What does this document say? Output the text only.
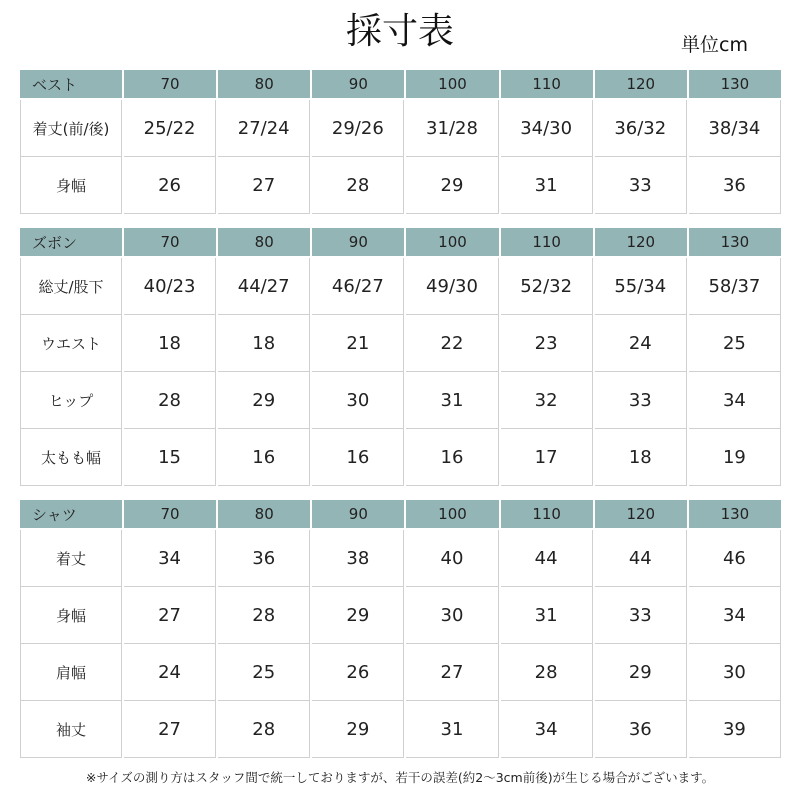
採寸表	単位cm
ベスト	70	80	90	100	110	120	130
着丈(前/後)	25/22	27/24	29/26	31/28	34/30	36/32	38/34
身幅	26	27	28	29	31	33	36
ズボン	70	80	90	100	110	120	130
総丈/股下	40/23	44/27	46/27	49/30	52/32	55/34	58/37
ウエスト	18	18	21	22	23	24	25
ヒップ	28	29	30	31	32	33	34
太もも幅	15	16	16	16	17	18	19
シャツ	70	80	90	100	110	120	130
着丈	34	36	38	40	44	44	46
身幅	27	28	29	30	31	33	34
肩幅	24	25	26	27	28	29	30
袖丈	27	28	29	31	34	36	39
※サイズの測り方はスタッフ間で統一しておりますが、若干の誤差(約2～3cm前後)が生じる場合がございます。
